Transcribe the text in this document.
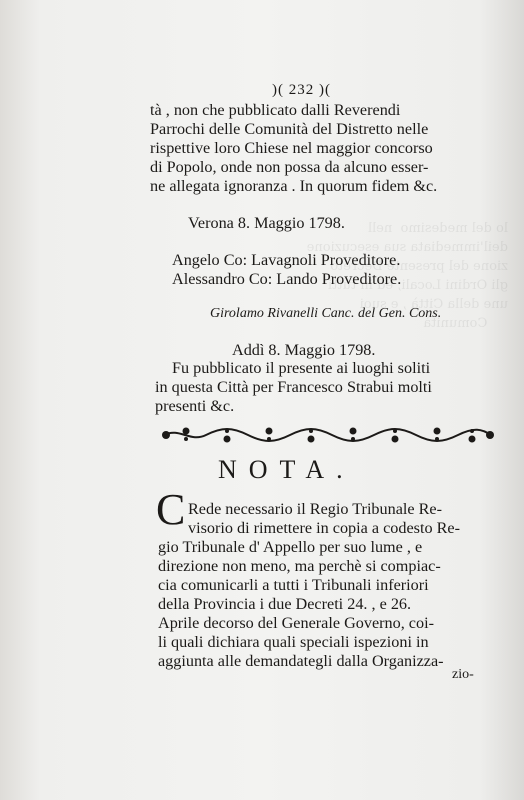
lo del medesimo  nell
deil'immediata sua esecuzione
zione del presente Decreto
gli Ordini Locali, ed in tutti
une della Città , e suoi
Comunità

)( 232 )(
tà , non che pubblicato dalli Reverendi
Parrochi delle Comunità del Distretto nelle
rispettive loro Chiese nel maggior concorso
di Popolo, onde non possa da alcuno esser-
ne allegata ignoranza . In quorum fidem &c.
Verona 8. Maggio 1798.
Angelo Co: Lavagnoli Proveditore.
Alessandro Co: Lando Proveditore.
Girolamo Rivanelli Canc. del Gen. Cons.
Addì 8. Maggio 1798.
Fu pubblicato il presente ai luoghi soliti
in questa Città per Francesco Strabui molti
presenti &c.
NOTA.
C Rede necessario il Regio Tribunale Re-
visorio di rimettere in copia a codesto Re-
gio Tribunale d' Appello per suo lume , e
direzione non meno, ma perchè si compiac-
cia comunicarli a tutti i Tribunali inferiori
della Provincia i due Decreti 24. , e 26.
Aprile decorso del Generale Governo, coi-
li quali dichiara quali speciali ispezioni in
aggiunta alle demandategli dalla Organizza-
zio-
